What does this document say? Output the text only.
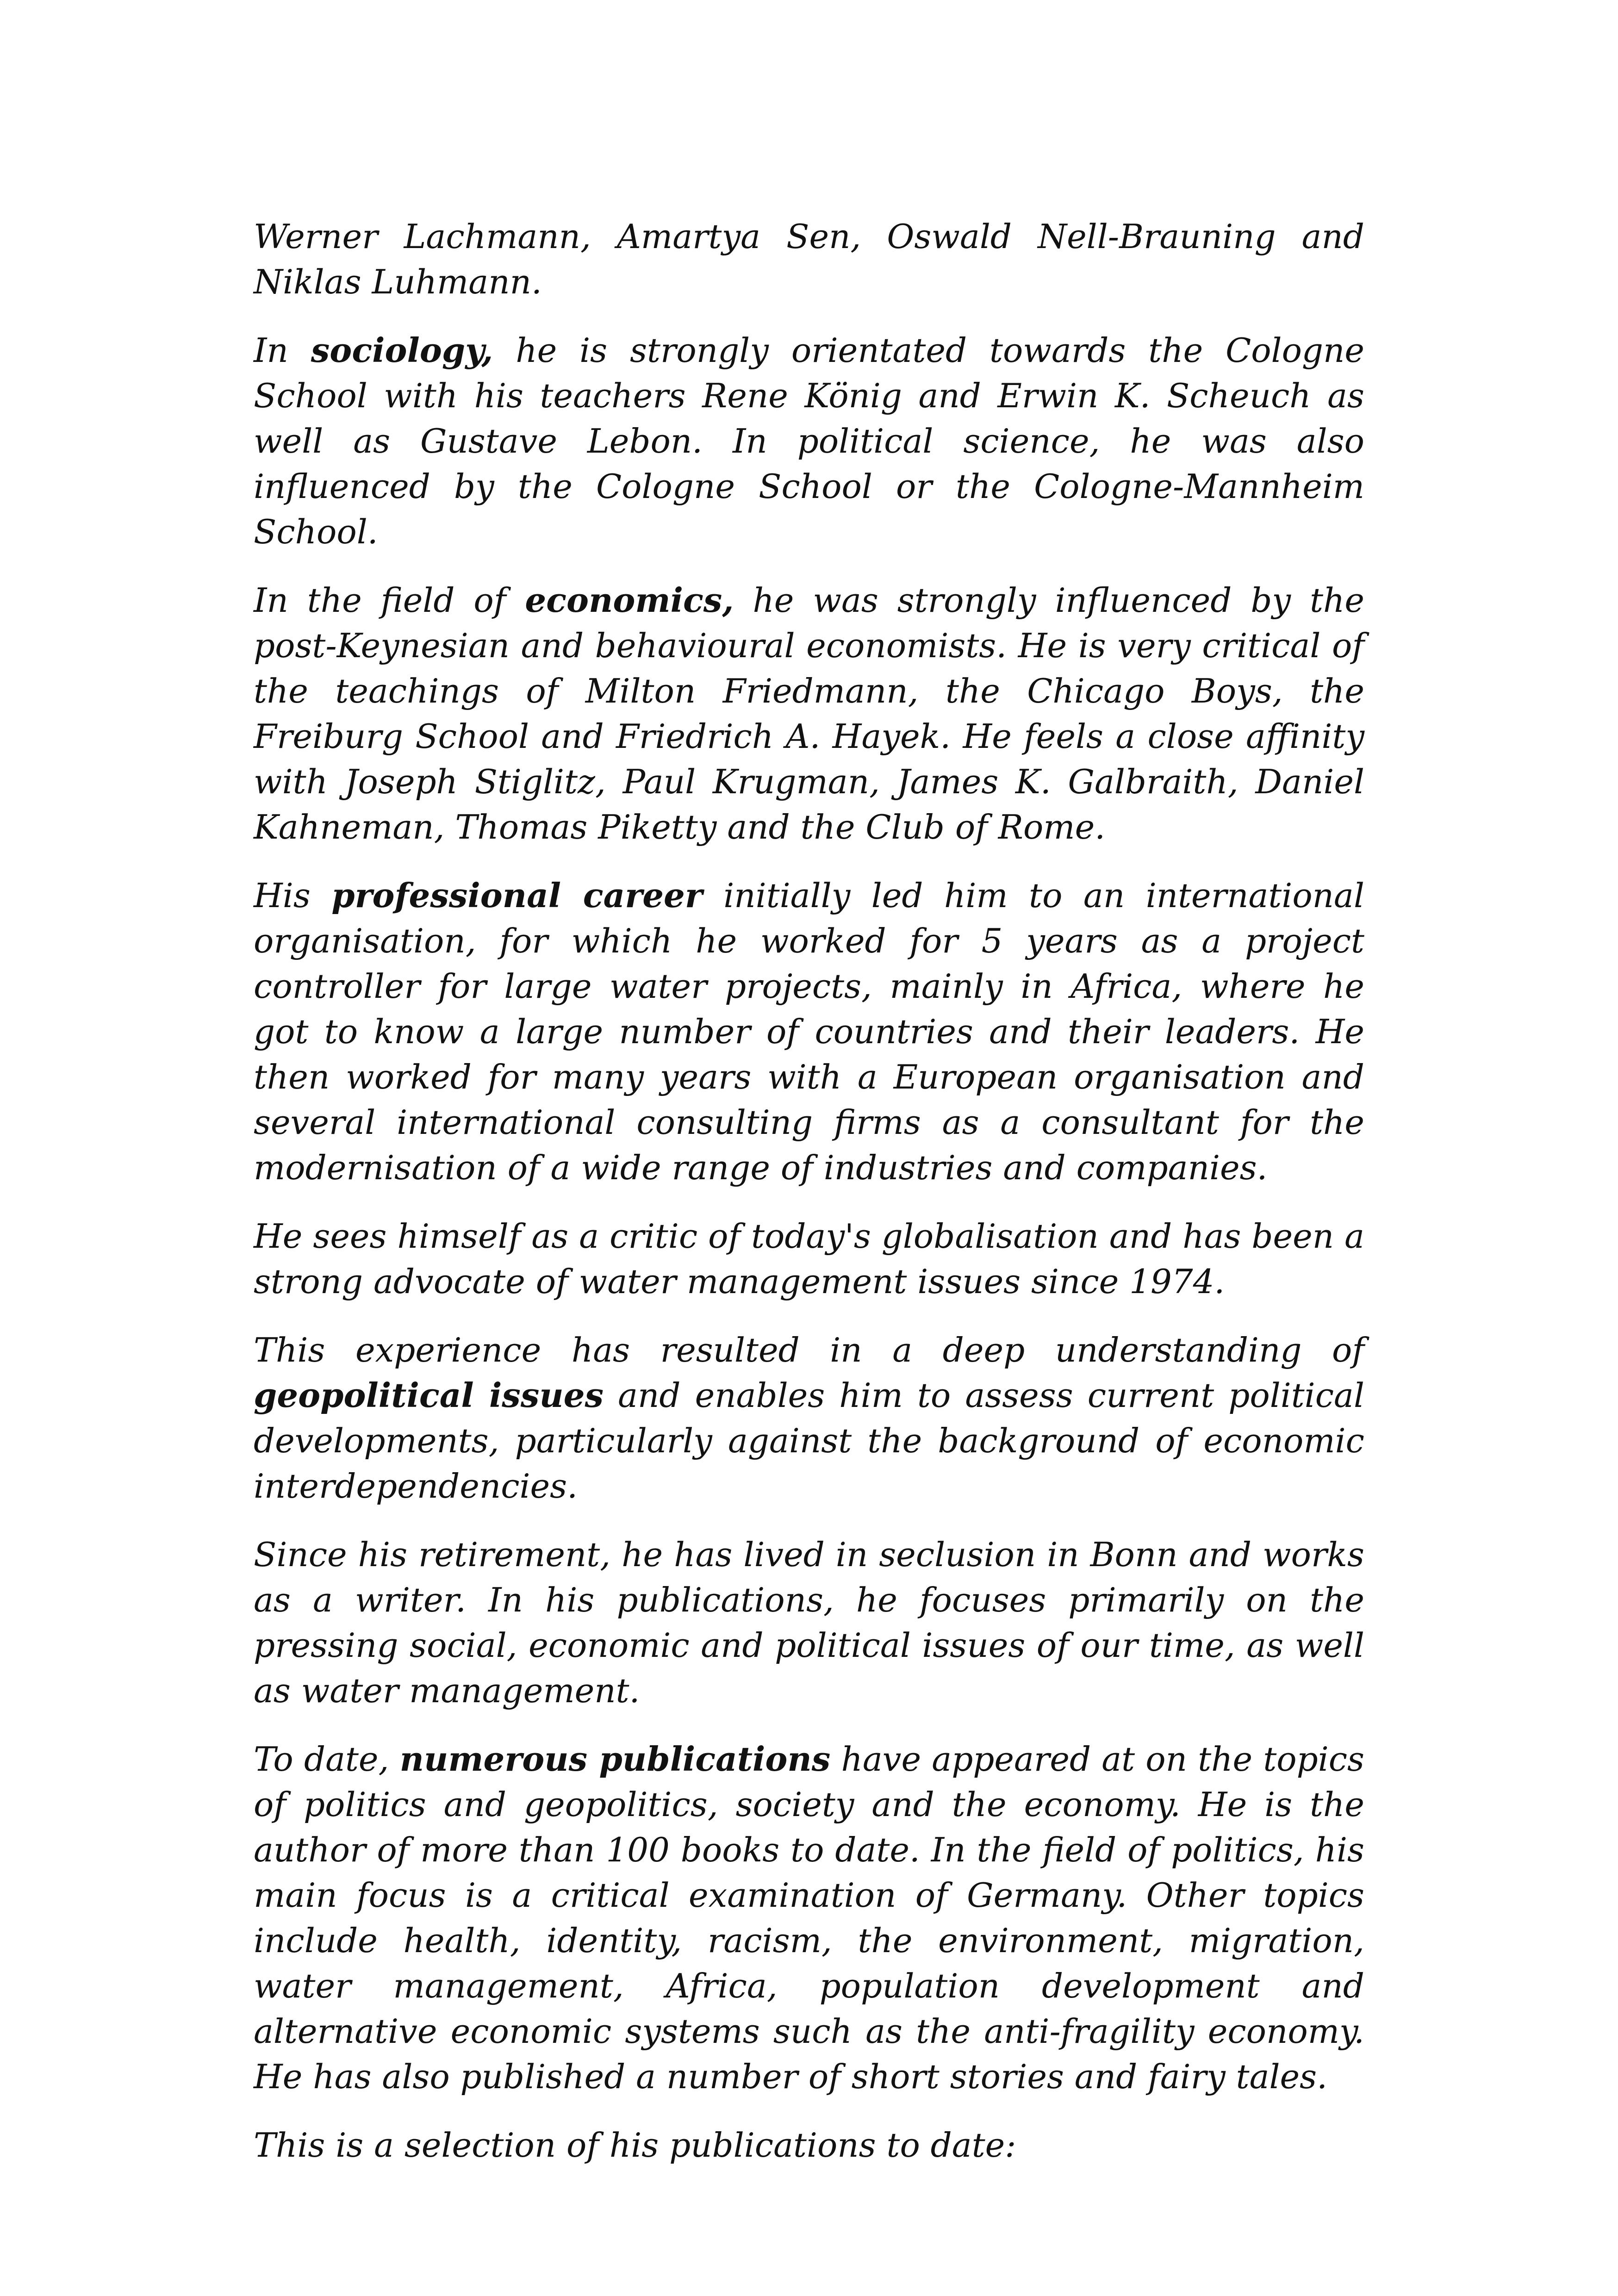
Werner Lachmann, Amartya Sen, Oswald Nell-Brauning and Niklas Luhmann.

In sociology, he is strongly orientated towards the Cologne School with his teachers Rene König and Erwin K. Scheuch as well as Gustave Lebon. In political science, he was also influenced by the Cologne School or the Cologne-Mannheim School.

In the field of economics, he was strongly influenced by the post-Keynesian and behavioural economists. He is very critical of the teachings of Milton Friedmann, the Chicago Boys, the Freiburg School and Friedrich A. Hayek. He feels a close affinity with Joseph Stiglitz, Paul Krugman, James K. Galbraith, Daniel Kahneman, Thomas Piketty and the Club of Rome.

His professional career initially led him to an international organisation, for which he worked for 5 years as a project controller for large water projects, mainly in Africa, where he got to know a large number of countries and their leaders. He then worked for many years with a European organisation and several international consulting firms as a consultant for the modernisation of a wide range of industries and companies.

He sees himself as a critic of today's globalisation and has been a strong advocate of water management issues since 1974.

This experience has resulted in a deep understanding of geopolitical issues and enables him to assess current political developments, particularly against the background of economic interdependencies.

Since his retirement, he has lived in seclusion in Bonn and works as a writer. In his publications, he focuses primarily on the pressing social, economic and political issues of our time, as well as water management.

To date, numerous publications have appeared at on the topics of politics and geopolitics, society and the economy. He is the author of more than 100 books to date. In the field of politics, his main focus is a critical examination of Germany. Other topics include health, identity, racism, the environment, migration, water management, Africa, population development and alternative economic systems such as the anti-fragility economy. He has also published a number of short stories and fairy tales.

This is a selection of his publications to date:
